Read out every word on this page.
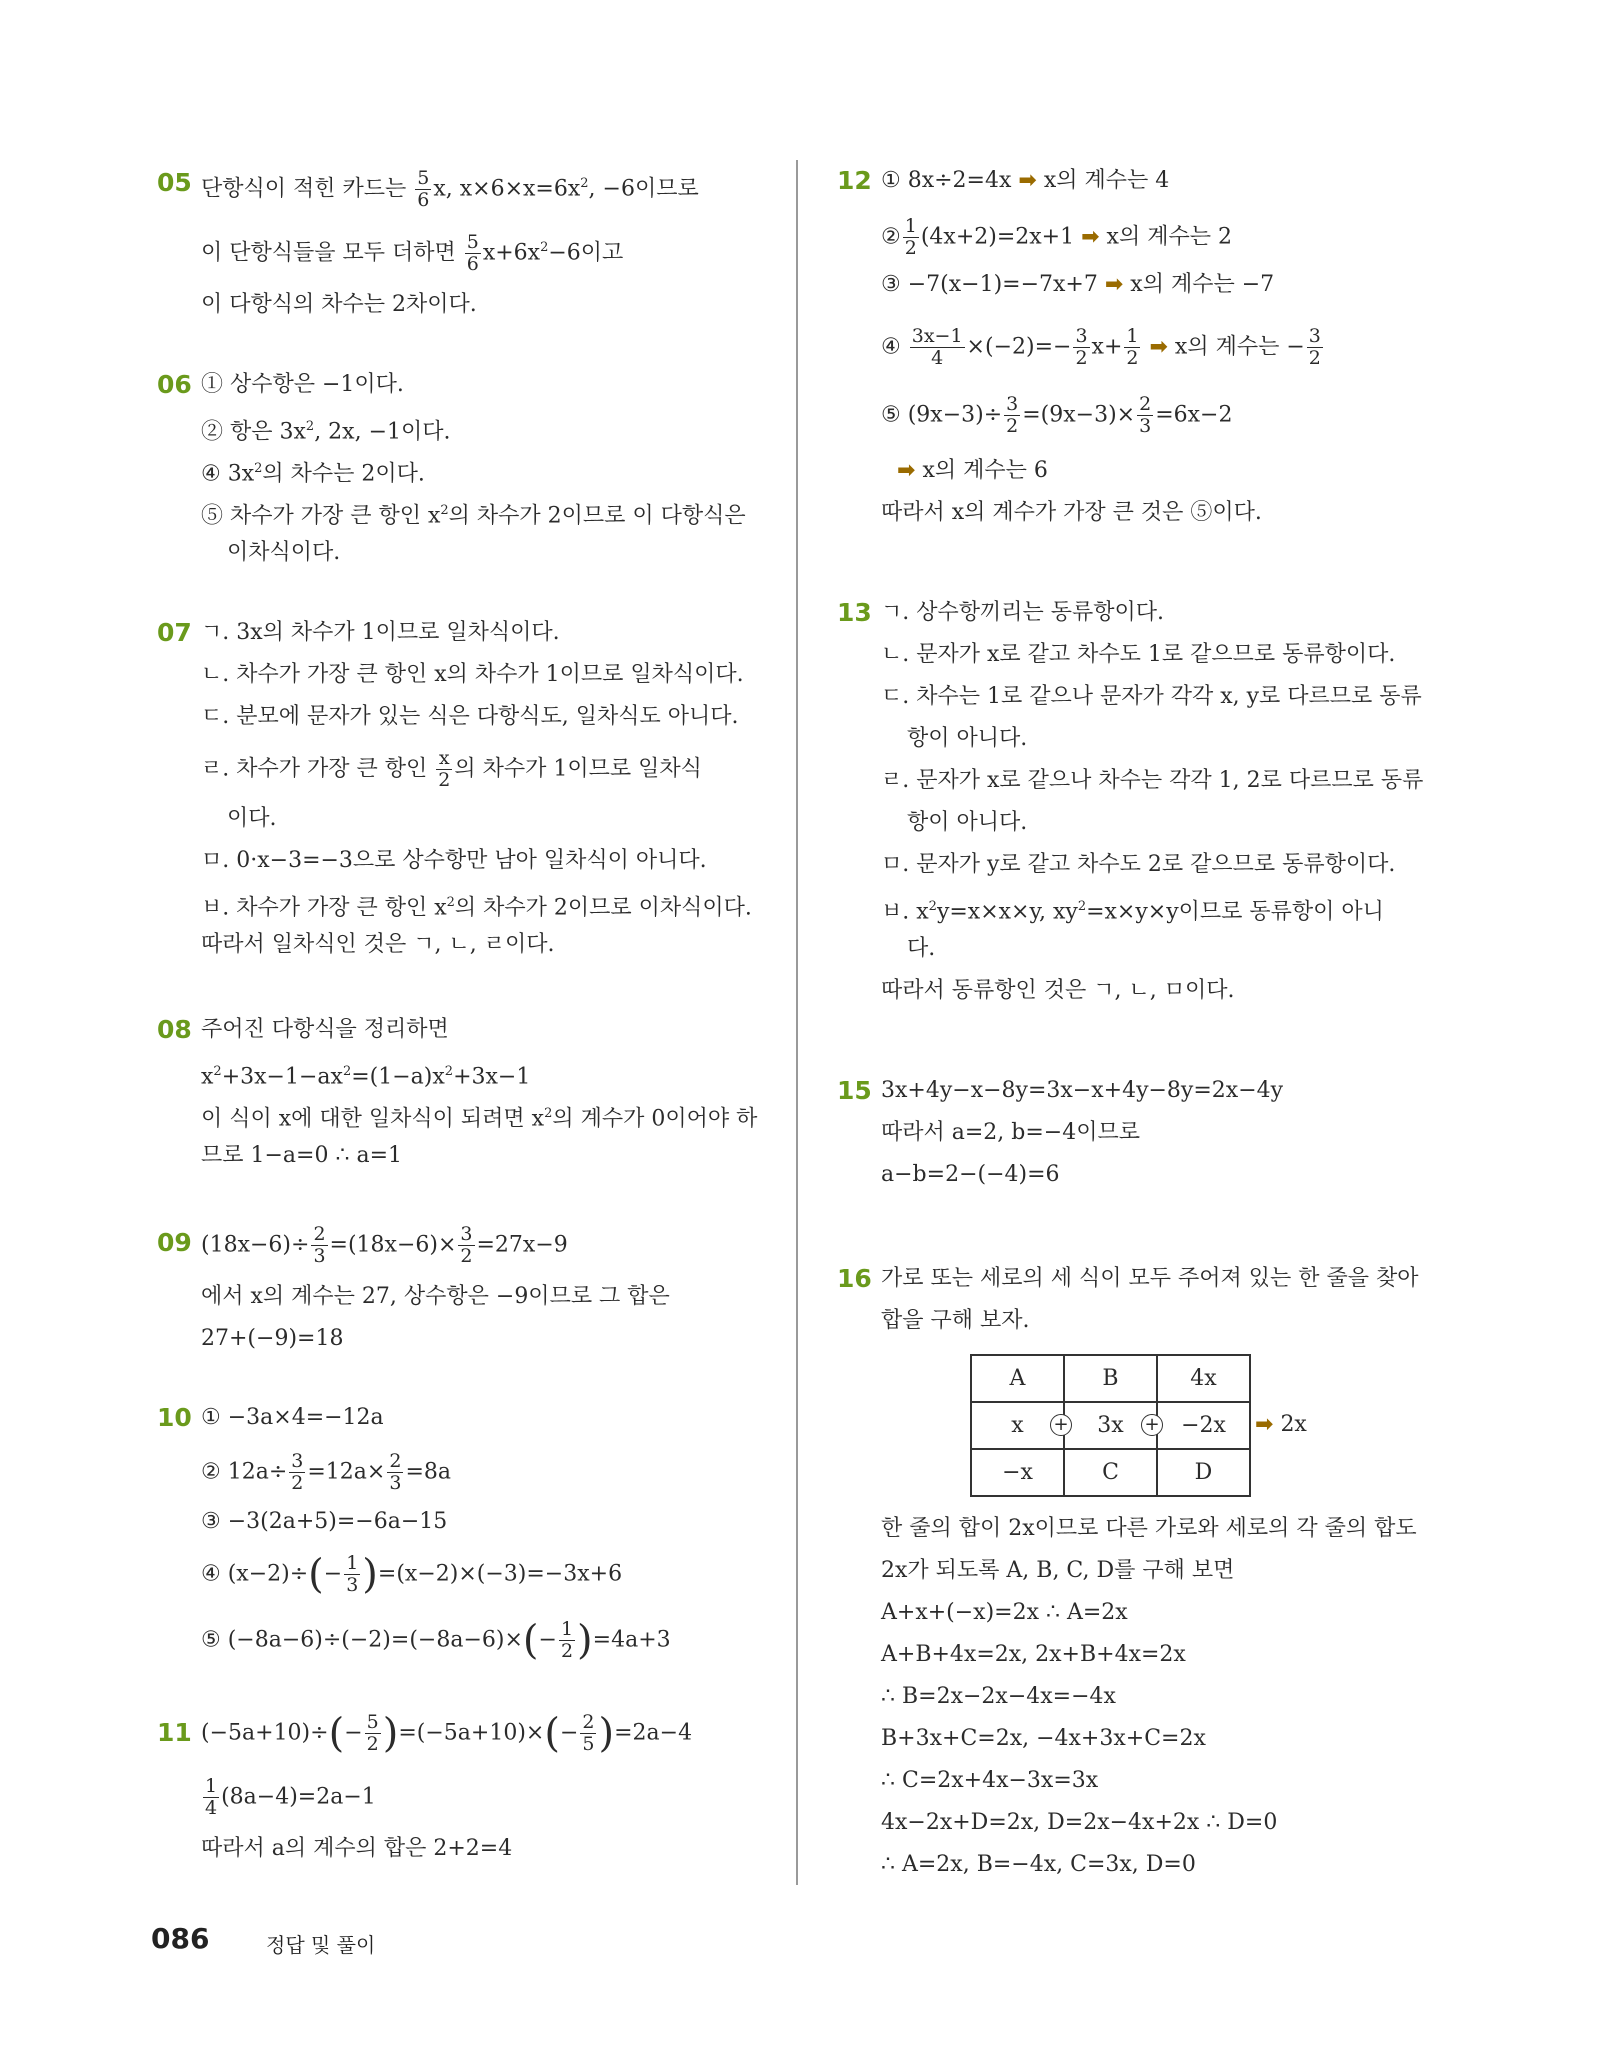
05 단항식이 적힌 카드는 $\frac{5}{6} x$, $x\times 6\times x=6x^2$, −6이므로
이 단항식들을 모두 더하면 $\frac{5}{6} x+6x^2-6$이고
이 다항식의 차수는 2차이다.
06 ① 상수항은 −1이다.
② 항은 $3x^2$, 2x, −1이다.
④ $3x^2$의 차수는 2이다.
⑤ 차수가 가장 큰 항인 $x^2$의 차수가 2이므로 이 다항식은
이차식이다.
07 ㄱ. 3x의 차수가 1이므로 일차식이다.
ㄴ. 차수가 가장 큰 항인 x의 차수가 1이므로 일차식이다.
ㄷ. 분모에 문자가 있는 식은 다항식도, 일차식도 아니다.
ㄹ. 차수가 가장 큰 항인 $\frac{x}{2}$ 의 차수가 1이므로 일차식
이다.
ㅁ. 0·x−3=−3으로 상수항만 남아 일차식이 아니다.
ㅂ. 차수가 가장 큰 항인 $x^2$의 차수가 2이므로 이차식이다.
따라서 일차식인 것은 ㄱ, ㄴ, ㄹ이다.
08 주어진 다항식을 정리하면
$x^2+3x-1-ax^2=(1-a)x^2+3x-1$
이 식이 x에 대한 일차식이 되려면 $x^2$의 계수가 0이어야 하
므로 1−a=0 ∴ a=1
09 $(18x-6)\div \frac{2}{3} =(18x-6)\times \frac{3}{2} =27x-9$
에서 x의 계수는 27, 상수항은 −9이므로 그 합은
27+(−9)=18
10 ① −3a×4=−12a
② $12a\div \frac{3}{2} =12a\times \frac{2}{3} =8a$
③ −3(2a+5)=−6a−15
④ $(x-2)\div(- \frac{1}{3} )=(x-2)\times(-3)=-3x+6$
⑤ $(-8a-6)\div(-2)=(-8a-6)\times(- \frac{1}{2} )=4a+3$
11 $(-5a+10)\div(- \frac{5}{2} )=(-5a+10)\times(- \frac{2}{5} )=2a-4$
$\frac{1}{4} (8a-4)=2a-1$
따라서 a의 계수의 합은 2+2=4
12 ① 8x÷2=4x ➡ x의 계수는 4
② $\frac{1}{2} (4x+2)=2x+1$ ➡ x의 계수는 2
③ −7(x−1)=−7x+7 ➡ x의 계수는 −7
④ $\frac{3x-1}{4} \times(-2)=- \frac{3}{2} x+ \frac{1}{2}$ ➡ x의 계수는 − $\frac{3}{2}$
⑤ $(9x-3)\div \frac{3}{2} =(9x-3)\times \frac{2}{3} =6x-2$
➡ x의 계수는 6
따라서 x의 계수가 가장 큰 것은 ⑤이다.
13 ㄱ. 상수항끼리는 동류항이다.
ㄴ. 문자가 x로 같고 차수도 1로 같으므로 동류항이다.
ㄷ. 차수는 1로 같으나 문자가 각각 x, y로 다르므로 동류
항이 아니다.
ㄹ. 문자가 x로 같으나 차수는 각각 1, 2로 다르므로 동류
항이 아니다.
ㅁ. 문자가 y로 같고 차수도 2로 같으므로 동류항이다.
ㅂ. $x^2y=x\times x\times y$, $xy^2=x\times y\times y$이므로 동류항이 아니
다.
따라서 동류항인 것은 ㄱ, ㄴ, ㅁ이다.
15 3x+4y−x−8y=3x−x+4y−8y=2x−4y
따라서 a=2, b=−4이므로
a−b=2−(−4)=6
16 가로 또는 세로의 세 식이 모두 주어져 있는 한 줄을 찾아
합을 구해 보자.
A	B	4x
x	3x	−2x
−x	C	D
+	+	➡ 2x
한 줄의 합이 2x이므로 다른 가로와 세로의 각 줄의 합도
2x가 되도록 A, B, C, D를 구해 보면
A+x+(−x)=2x ∴ A=2x
A+B+4x=2x, 2x+B+4x=2x
∴ B=2x−2x−4x=−4x
B+3x+C=2x, −4x+3x+C=2x
∴ C=2x+4x−3x=3x
4x−2x+D=2x, D=2x−4x+2x ∴ D=0
∴ A=2x, B=−4x, C=3x, D=0
086	정답 및 풀이
